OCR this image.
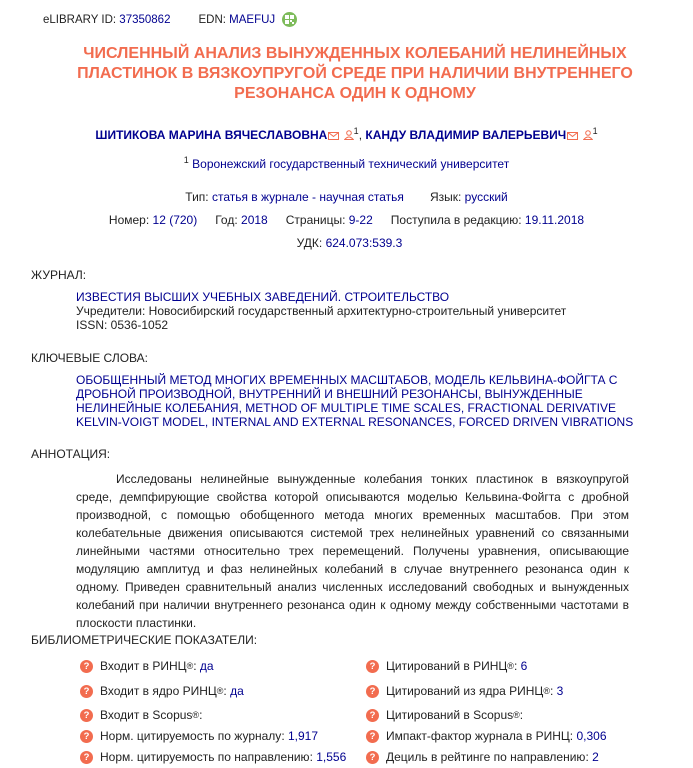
eLIBRARY ID:
37350862 EDN:
MAEFUJ
ЧИСЛЕННЫЙ АНАЛИЗ ВЫНУЖДЕННЫХ КОЛЕБАНИЙ НЕЛИНЕЙНЫХ ПЛАСТИНОК В ВЯЗКОУПРУГОЙ СРЕДЕ ПРИ НАЛИЧИИ ВНУТРЕННЕГО РЕЗОНАНСА ОДИН К ОДНОМУ
ШИТИКОВА МАРИНА ВЯЧЕСЛАВОВНА	$^1$, КАНДУ ВЛАДИМИР ВАЛЕРЬЕВИЧ	$^1$
$^1$ Воронежский государственный технический университет
Тип: статья в журнале - научная статья Язык: русский
Номер: 12 (720) Год: 2018 Страницы: 9-22 Поступила в редакцию: 19.11.2018
УДК: 624.073:539.3
ЖУРНАЛ:
ИЗВЕСТИЯ ВЫСШИХ УЧЕБНЫХ ЗАВЕДЕНИЙ. СТРОИТЕЛЬСТВО
Учредители: Новосибирский государственный архитектурно-строительный университет
ISSN: 0536-1052
КЛЮЧЕВЫЕ СЛОВА:
ОБОБЩЕННЫЙ МЕТОД МНОГИХ ВРЕМЕННЫХ МАСШТАБОВ, МОДЕЛЬ КЕЛЬВИНА-ФОЙГТА С ДРОБНОЙ ПРОИЗВОДНОЙ, ВНУТРЕННИЙ И ВНЕШНИЙ РЕЗОНАНСЫ, ВЫНУЖДЕННЫЕ НЕЛИНЕЙНЫЕ КОЛЕБАНИЯ, METHOD OF MULTIPLE TIME SCALES, FRACTIONAL DERIVATIVE KELVIN-VOIGT MODEL, INTERNAL AND EXTERNAL RESONANCES, FORCED DRIVEN VIBRATIONS
АННОТАЦИЯ:
Исследованы нелинейные вынужденные колебания тонких пластинок в вязкоупругой среде, демпфирующие свойства которой описываются моделью Кельвина-Фойгта с дробной производной, с помощью обобщенного метода многих временных масштабов. При этом колебательные движения описываются системой трех нелинейных уравнений со связанными линейными частями относительно трех перемещений. Получены уравнения, описывающие модуляцию амплитуд и фаз нелинейных колебаний в случае внутреннего резонанса один к одному. Приведен сравнительный анализ численных исследований свободных и вынужденных колебаний при наличии внутреннего резонанса один к одному между собственными частотами в плоскости пластинки.
БИБЛИОМЕТРИЧЕСКИЕ ПОКАЗАТЕЛИ:
? Входит в РИНЦ ® :
да
? Входит в ядро РИНЦ ® :
да
? Входит в Scopus ® :

? Норм. цитируемость по журналу :
1,917
? Норм. цитируемость по направлению :
1,556
? Цитирований в РИНЦ ® :
6
? Цитирований из ядра РИНЦ ® :
3
? Цитирований в Scopus ® :

? Импакт-фактор журнала в РИНЦ :
0,306
? Дециль в рейтинге по направлению :
2
